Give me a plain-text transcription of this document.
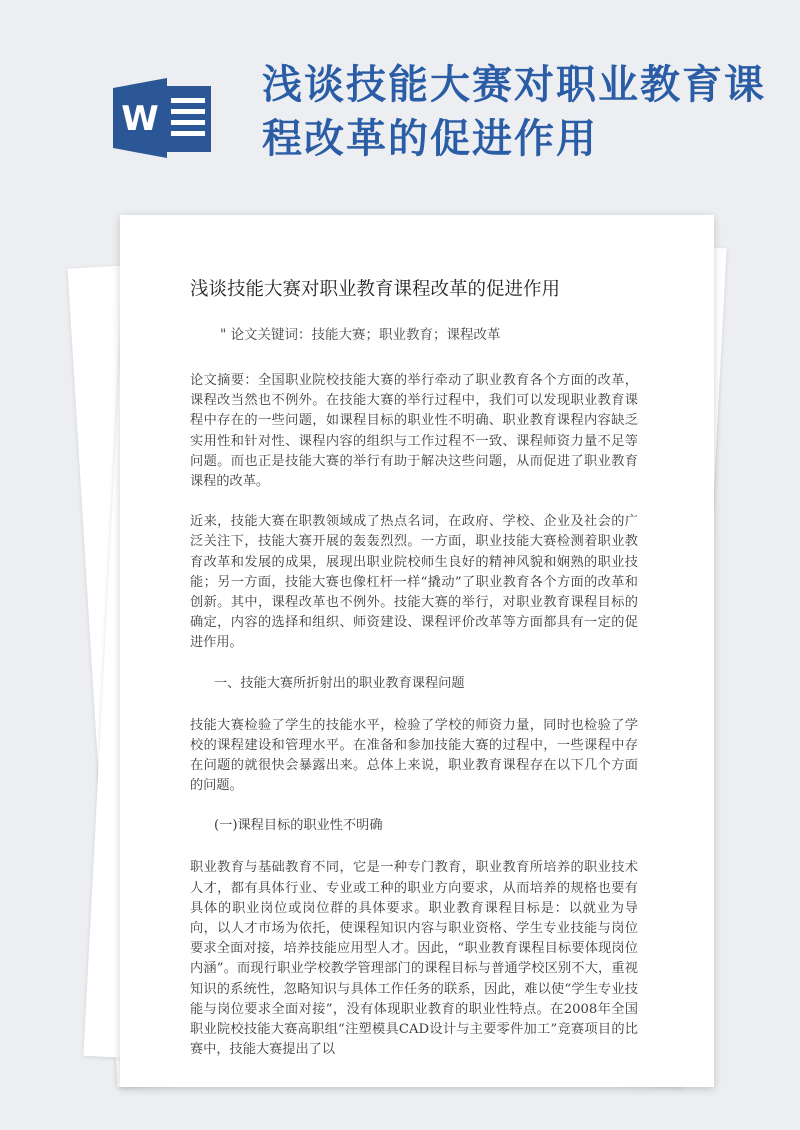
W
浅谈技能大赛对职业教育课程改革的促进作用
浅谈技能大赛对职业教育课程改革的促进作用
" 论文关键词：技能大赛；职业教育；课程改革
论文摘要：全国职业院校技能大赛的举行牵动了职业教育各个方面的改革，课程改当然也不例外。在技能大赛的举行过程中，我们可以发现职业教育课程中存在的一些问题，如课程目标的职业性不明确、职业教育课程内容缺乏实用性和针对性、课程内容的组织与工作过程不一致、课程师资力量不足等问题。而也正是技能大赛的举行有助于解决这些问题，从而促进了职业教育课程的改革。
近来，技能大赛在职教领域成了热点名词，在政府、学校、企业及社会的广泛关注下，技能大赛开展的轰轰烈烈。一方面，职业技能大赛检测着职业教育改革和发展的成果，展现出职业院校师生良好的精神风貌和娴熟的职业技能；另一方面，技能大赛也像杠杆一样“撬动”了职业教育各个方面的改革和创新。其中，课程改革也不例外。技能大赛的举行，对职业教育课程目标的确定，内容的选择和组织、师资建设、课程评价改革等方面都具有一定的促进作用。
一、技能大赛所折射出的职业教育课程问题
技能大赛检验了学生的技能水平，检验了学校的师资力量，同时也检验了学校的课程建设和管理水平。在准备和参加技能大赛的过程中，一些课程中存在问题的就很快会暴露出来。总体上来说，职业教育课程存在以下几个方面的问题。
(一)课程目标的职业性不明确
职业教育与基础教育不同，它是一种专门教育，职业教育所培养的职业技术人才，都有具体行业、专业或工种的职业方向要求，从而培养的规格也要有具体的职业岗位或岗位群的具体要求。职业教育课程目标是：以就业为导向，以人才市场为依托，使课程知识内容与职业资格、学生专业技能与岗位要求全面对接，培养技能应用型人才。因此，“职业教育课程目标要体现岗位内涵”。而现行职业学校教学管理部门的课程目标与普通学校区别不大，重视知识的系统性，忽略知识与具体工作任务的联系，因此，难以使“学生专业技能与岗位要求全面对接”，没有体现职业教育的职业性特点。在2008年全国职业院校技能大赛高职组“注塑模具CAD设计与主要零件加工”竞赛项目的比赛中，技能大赛提出了以
